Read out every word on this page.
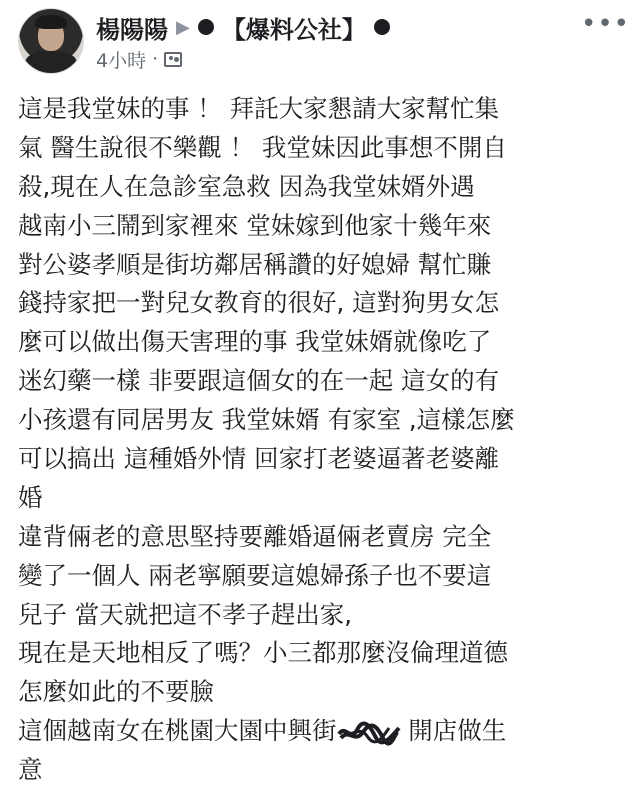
楊陽陽 ▶ 【爆料公社】
4小時 ·
•••
這是我堂妹的事 ！ 拜託大家懇請大家幫忙集
氣 醫生說很不樂觀 ！ 我堂妹因此事想不開自
殺,現在人在急診室急救 因為我堂妹婿外遇
越南小三鬧到家裡來 堂妹嫁到他家十幾年來
對公婆孝順是街坊鄰居稱讚的好媳婦 幫忙賺
錢持家把一對兒女教育的很好, 這對狗男女怎
麼可以做出傷天害理的事 我堂妹婿就像吃了
迷幻藥一樣 非要跟這個女的在一起 這女的有
小孩還有同居男友 我堂妹婿 有家室 ,這樣怎麼
可以搞出 這種婚外情 回家打老婆逼著老婆離
婚
違背倆老的意思堅持要離婚逼倆老賣房 完全
變了一個人 兩老寧願要這媳婦孫子也不要這
兒子 當天就把這不孝子趕出家,
現在是天地相反了嗎？小三都那麼沒倫理道德
怎麼如此的不要臉
這個越南女在桃園大園中興街	開店做生
意
